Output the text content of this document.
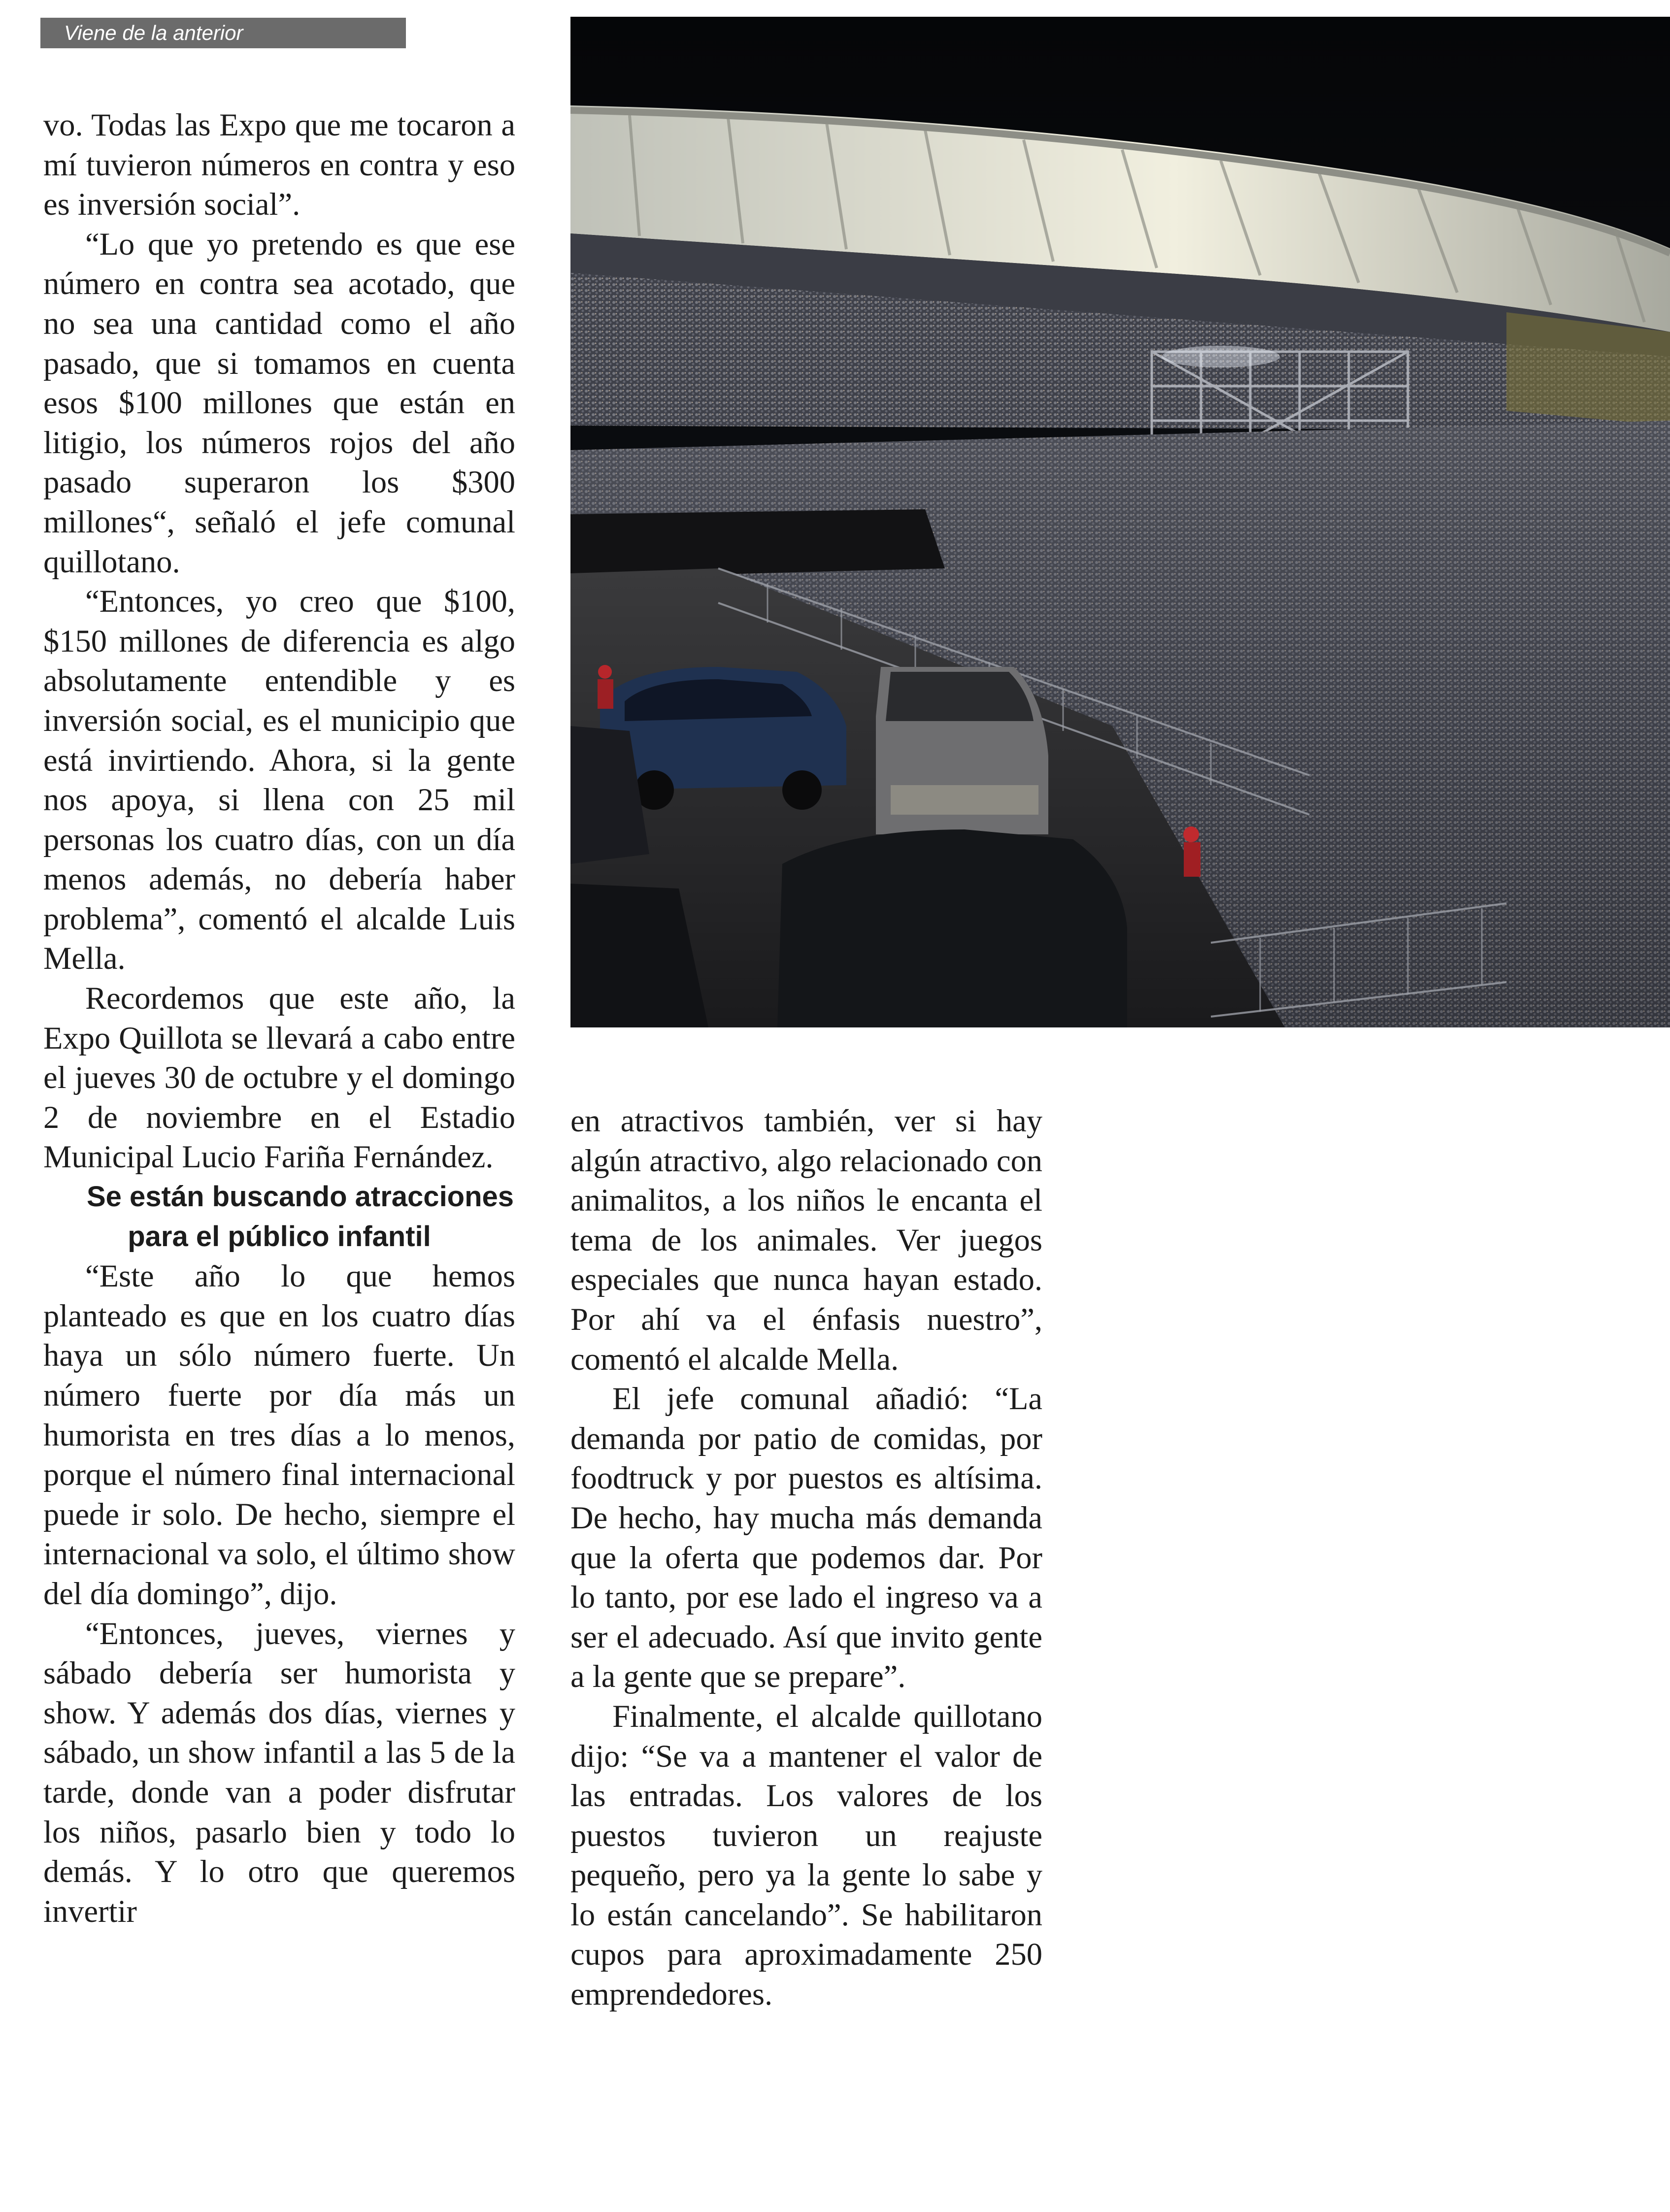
Viene de la anterior

vo. Todas las Expo que me tocaron a mí tuvieron números en contra y eso es inversión social”.

“Lo que yo pretendo es que ese número en contra sea acotado, que no sea una cantidad como el año pasado, que si tomamos en cuenta esos $100 millones que están en litigio, los números rojos del año pasado superaron los $300 millones“, señaló el jefe comunal quillotano.

“Entonces, yo creo que $100, $150 millones de diferencia es algo absolutamente entendible y es inversión social, es el municipio que está invirtiendo. Ahora, si la gente nos apoya, si llena con 25 mil personas los cuatro días, con un día menos además, no debería haber problema”, comentó el alcalde Luis Mella.

Recordemos que este año, la Expo Quillota se llevará a cabo entre el jueves 30 de octubre y el domingo 2 de noviembre en el Estadio Municipal Lucio Fariña Fernández.

Se están buscando atracciones para el público infantil

“Este año lo que hemos planteado es que en los cuatro días haya un sólo número fuerte. Un número fuerte por día más un humorista en tres días a lo menos, porque el número final internacional puede ir solo. De hecho, siempre el internacional va solo, el último show del día domingo”, dijo.

“Entonces, jueves, viernes y sábado debería ser humorista y show. Y además dos días, viernes y sábado, un show infantil a las 5 de la tarde, donde van a poder disfrutar los niños, pasarlo bien y todo lo demás. Y lo otro que queremos invertir

en atractivos también, ver si hay algún atractivo, algo relacionado con animalitos, a los niños le encanta el tema de los animales. Ver juegos especiales que nunca hayan estado. Por ahí va el énfasis nuestro”, comentó el alcalde Mella.

El jefe comunal añadió: “La demanda por patio de comidas, por foodtruck y por puestos es altísima. De hecho, hay mucha más demanda que la oferta que podemos dar. Por lo tanto, por ese lado el ingreso va a ser el adecuado. Así que invito gente a la gente que se prepare”.

Finalmente, el alcalde quillotano dijo: “Se va a mantener el valor de las entradas. Los valores de los puestos tuvieron un reajuste pequeño, pero ya la gente lo sabe y lo están cancelando”. Se habilitaron cupos para aproximadamente 250 emprendedores.
